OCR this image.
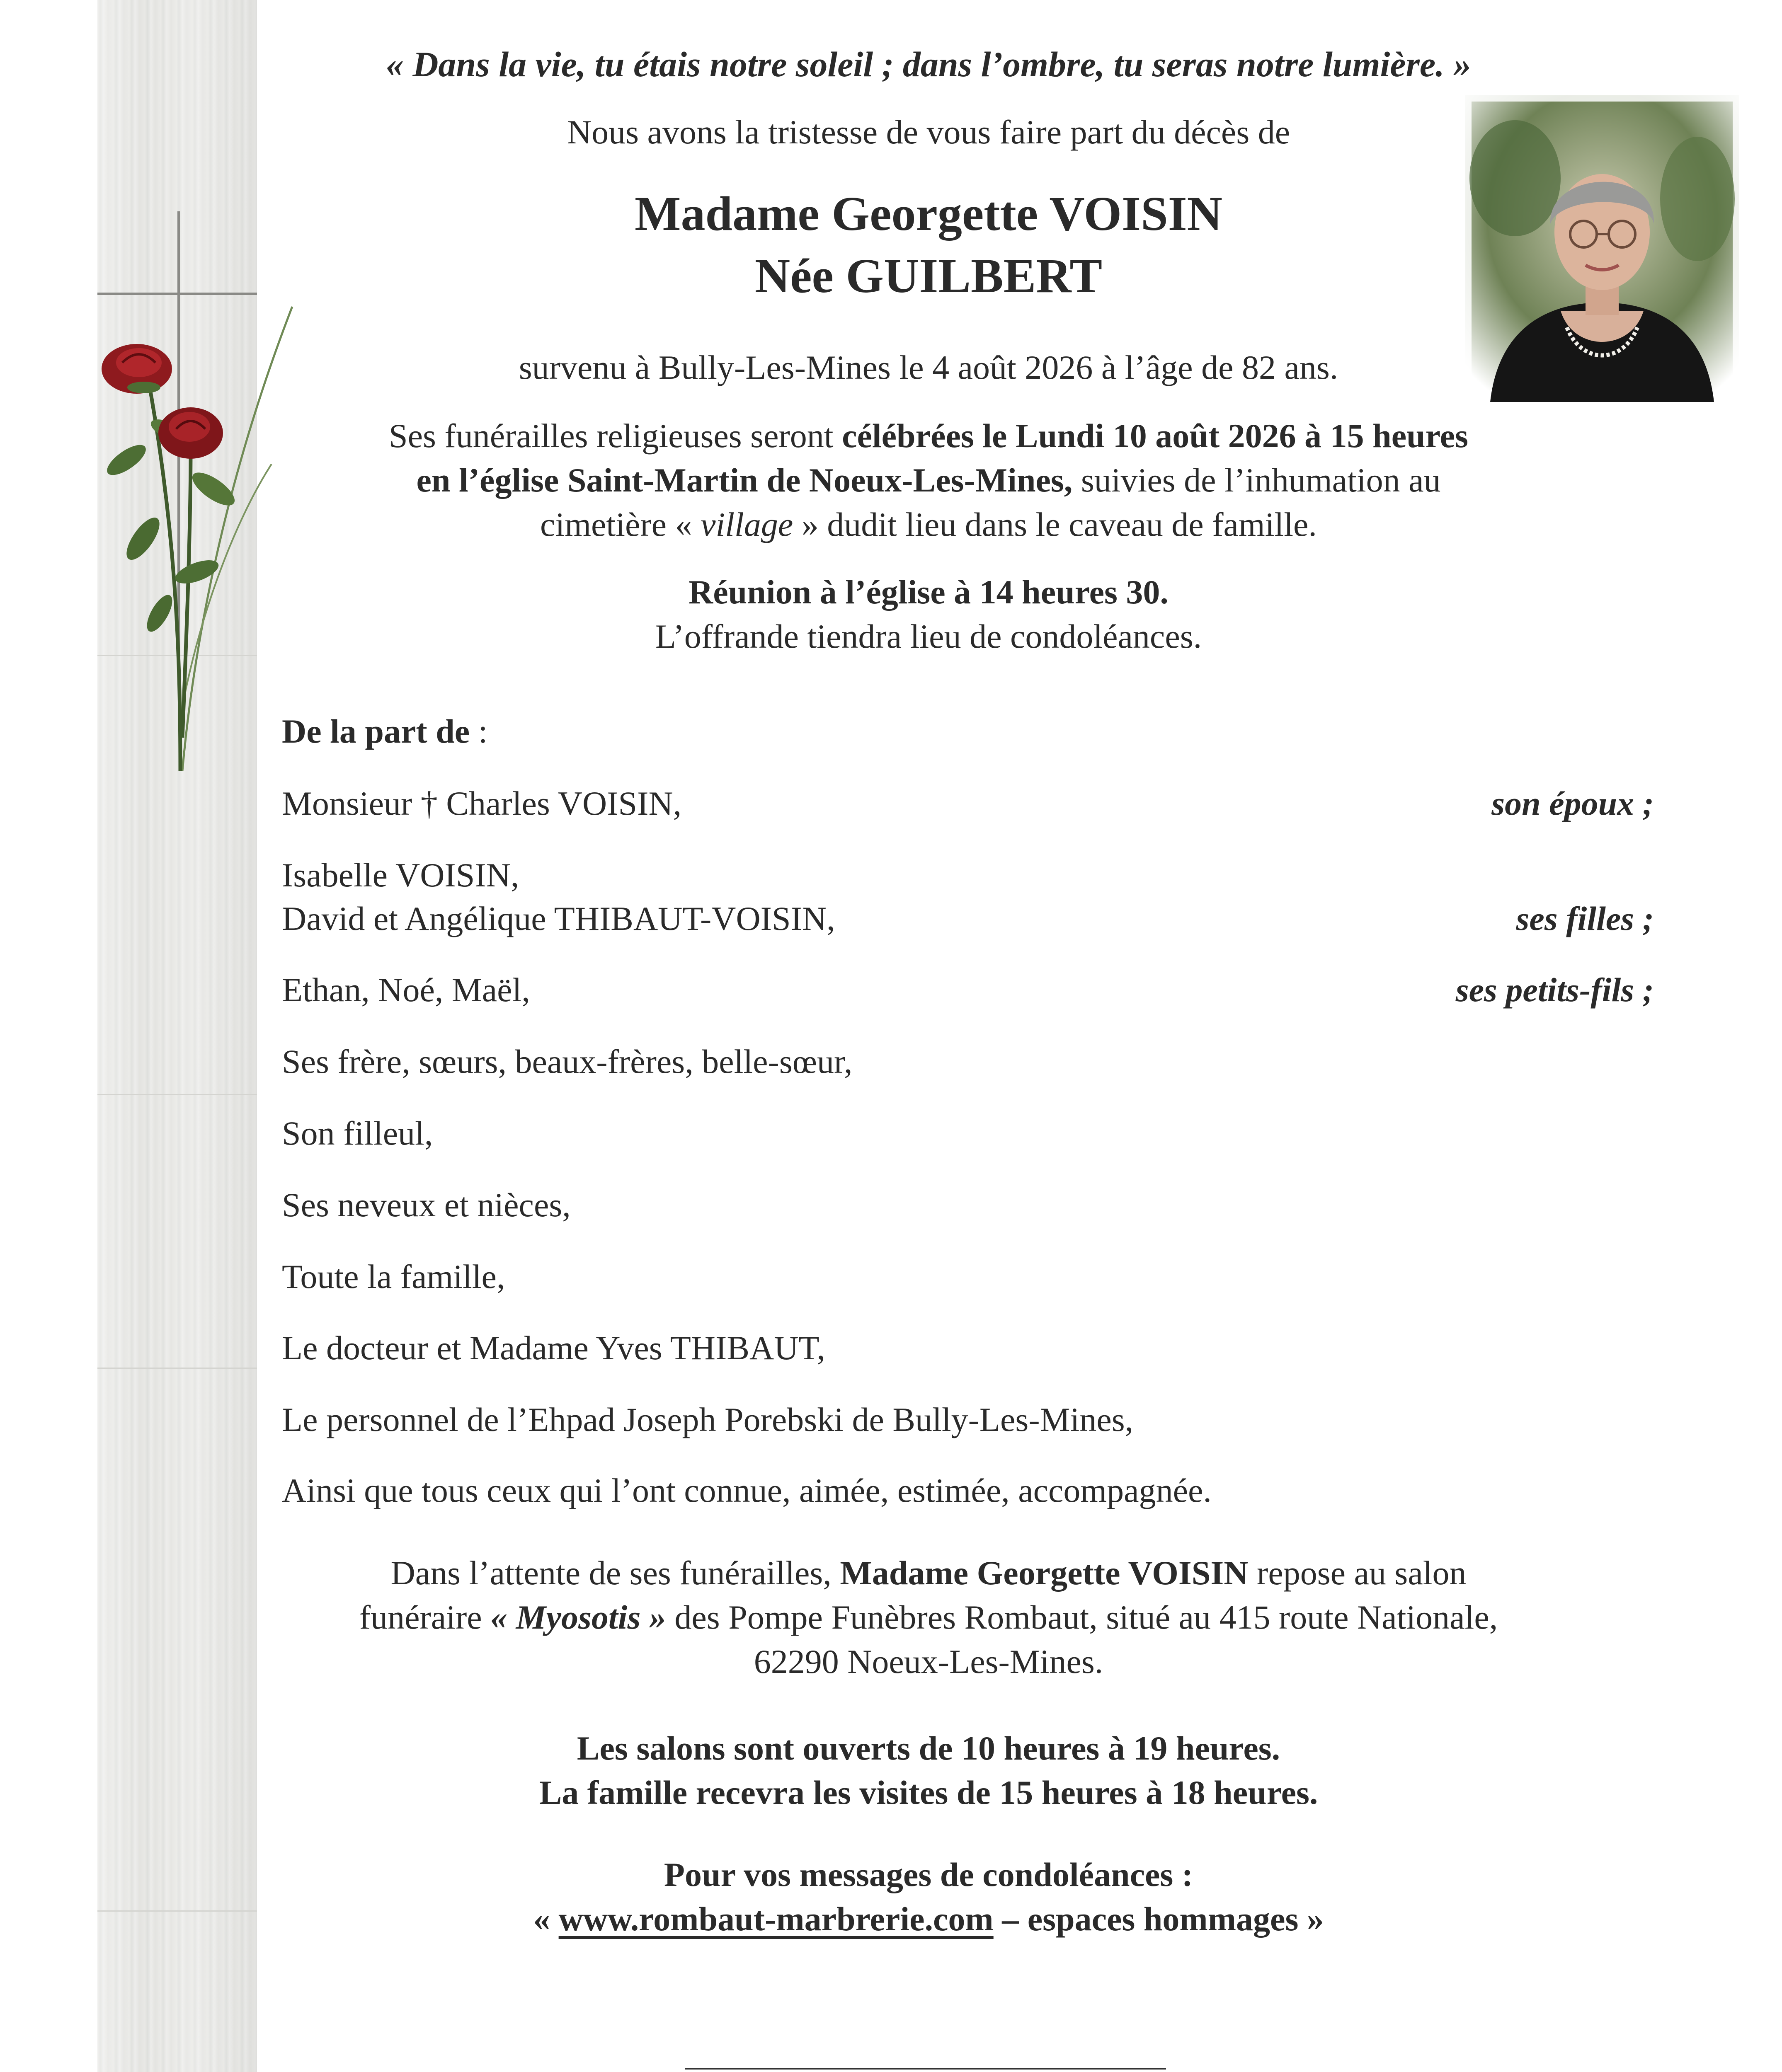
« Dans la vie, tu étais notre soleil ; dans l’ombre, tu seras notre lumière. »
Nous avons la tristesse de vous faire part du décès de
Madame Georgette VOISIN
Née GUILBERT
survenu à Bully-Les-Mines le 4 août 2026 à l’âge de 82 ans.
Ses funérailles religieuses seront célébrées le Lundi 10 août 2026 à 15 heures
en l’église Saint-Martin de Noeux-Les-Mines, suivies de l’inhumation au
cimetière « village » dudit lieu dans le caveau de famille.
Réunion à l’église à 14 heures 30.
L’offrande tiendra lieu de condoléances.
De la part de :
Monsieur † Charles VOISIN,	son époux ;
Isabelle VOISIN,
David et Angélique THIBAUT-VOISIN,	ses filles ;
Ethan, Noé, Maël,	ses petits-fils ;
Ses frère, sœurs, beaux-frères, belle-sœur,
Son filleul,
Ses neveux et nièces,
Toute la famille,
Le docteur et Madame Yves THIBAUT,
Le personnel de l’Ehpad Joseph Porebski de Bully-Les-Mines,
Ainsi que tous ceux qui l’ont connue, aimée, estimée, accompagnée.
Dans l’attente de ses funérailles, Madame Georgette VOISIN repose au salon
funéraire « Myosotis » des Pompe Funèbres Rombaut, situé au 415 route Nationale,
62290 Noeux-Les-Mines.
Les salons sont ouverts de 10 heures à 19 heures.
La famille recevra les visites de 15 heures à 18 heures.
Pour vos messages de condoléances :
« www.rombaut-marbrerie.com – espaces hommages »
